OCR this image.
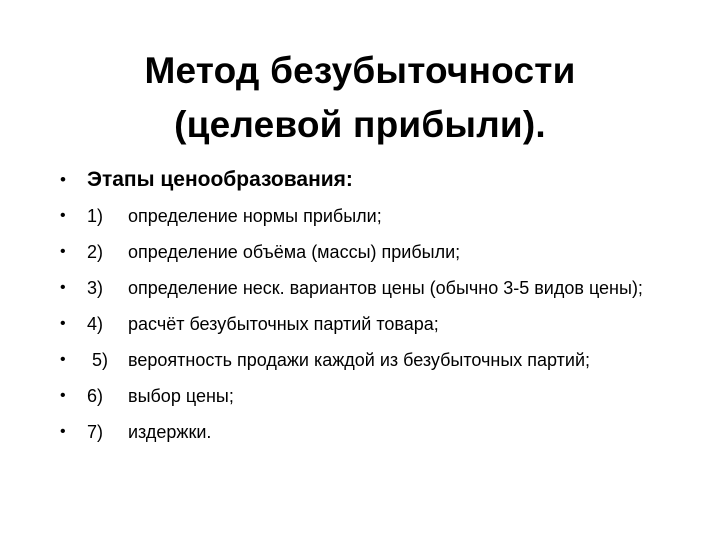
Метод безубыточности
(целевой прибыли).
• Этапы ценообразования:
• 1) определение нормы прибыли;
• 2) определение объёма (массы) прибыли;
• 3) определение неск. вариантов цены (обычно 3-5 видов цены);
• 4) расчёт безубыточных партий товара;
• 5) вероятность продажи каждой из безубыточных партий;
• 6) выбор цены;
• 7) издержки.
